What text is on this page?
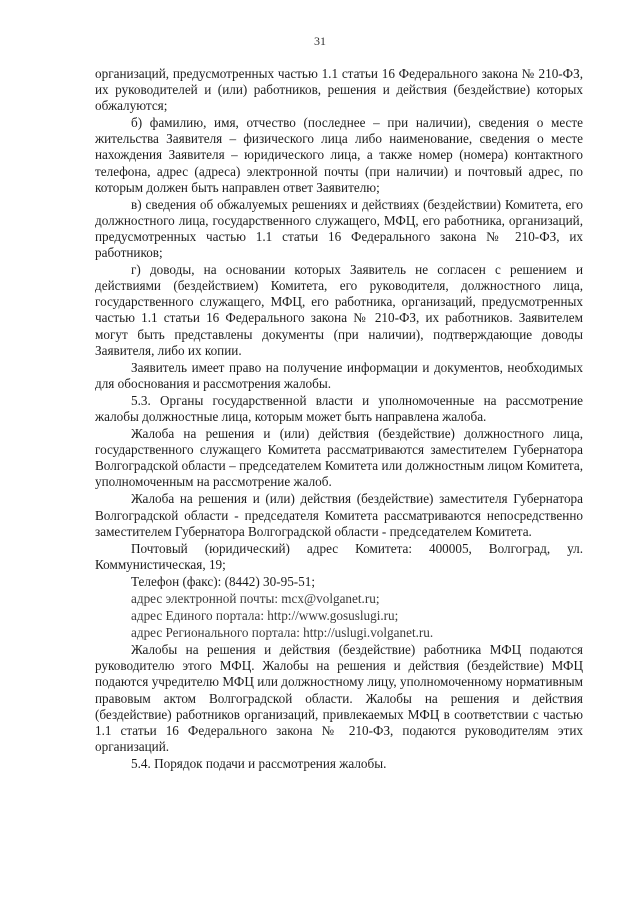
31

организаций, предусмотренных частью 1.1 статьи 16 Федерального закона № 210-ФЗ, их руководителей и (или) работников, решения и действия (бездействие) которых обжалуются;

б) фамилию, имя, отчество (последнее – при наличии), сведения о месте жительства Заявителя – физического лица либо наименование, сведения о месте нахождения Заявителя – юридического лица, а также номер (номера) контактного телефона, адрес (адреса) электронной почты (при наличии) и почтовый адрес, по которым должен быть направлен ответ Заявителю;

в) сведения об обжалуемых решениях и действиях (бездействии) Комитета, его должностного лица, государственного служащего, МФЦ, его работника, организаций, предусмотренных частью 1.1 статьи 16 Федерального закона № 210-ФЗ, их работников;

г) доводы, на основании которых Заявитель не согласен с решением и действиями (бездействием) Комитета, его руководителя, должностного лица, государственного служащего, МФЦ, его работника, организаций, предусмотренных частью 1.1 статьи 16 Федерального закона № 210-ФЗ, их работников. Заявителем могут быть представлены документы (при наличии), подтверждающие доводы Заявителя, либо их копии.

Заявитель имеет право на получение информации и документов, необходимых для обоснования и рассмотрения жалобы.

5.3. Органы государственной власти и уполномоченные на рассмотрение жалобы должностные лица, которым может быть направлена жалоба.

Жалоба на решения и (или) действия (бездействие) должностного лица, государственного служащего Комитета рассматриваются заместителем Губернатора Волгоградской области – председателем Комитета или должностным лицом Комитета, уполномоченным на рассмотрение жалоб.

Жалоба на решения и (или) действия (бездействие) заместителя Губернатора Волгоградской области - председателя Комитета рассматриваются непосредственно заместителем Губернатора Волгоградской области - председателем Комитета.

Почтовый (юридический) адрес Комитета: 400005, Волгоград, ул. Коммунистическая, 19;

Телефон (факс): (8442) 30-95-51;

адрес электронной почты: mcx@volganet.ru;

адрес Единого портала: http://www.gosuslugi.ru;

адрес Регионального портала: http://uslugi.volganet.ru.

Жалобы на решения и действия (бездействие) работника МФЦ подаются руководителю этого МФЦ. Жалобы на решения и действия (бездействие) МФЦ подаются учредителю МФЦ или должностному лицу, уполномоченному нормативным правовым актом Волгоградской области. Жалобы на решения и действия (бездействие) работников организаций, привлекаемых МФЦ в соответствии с частью 1.1 статьи 16 Федерального закона № 210-ФЗ, подаются руководителям этих организаций.

5.4. Порядок подачи и рассмотрения жалобы.
